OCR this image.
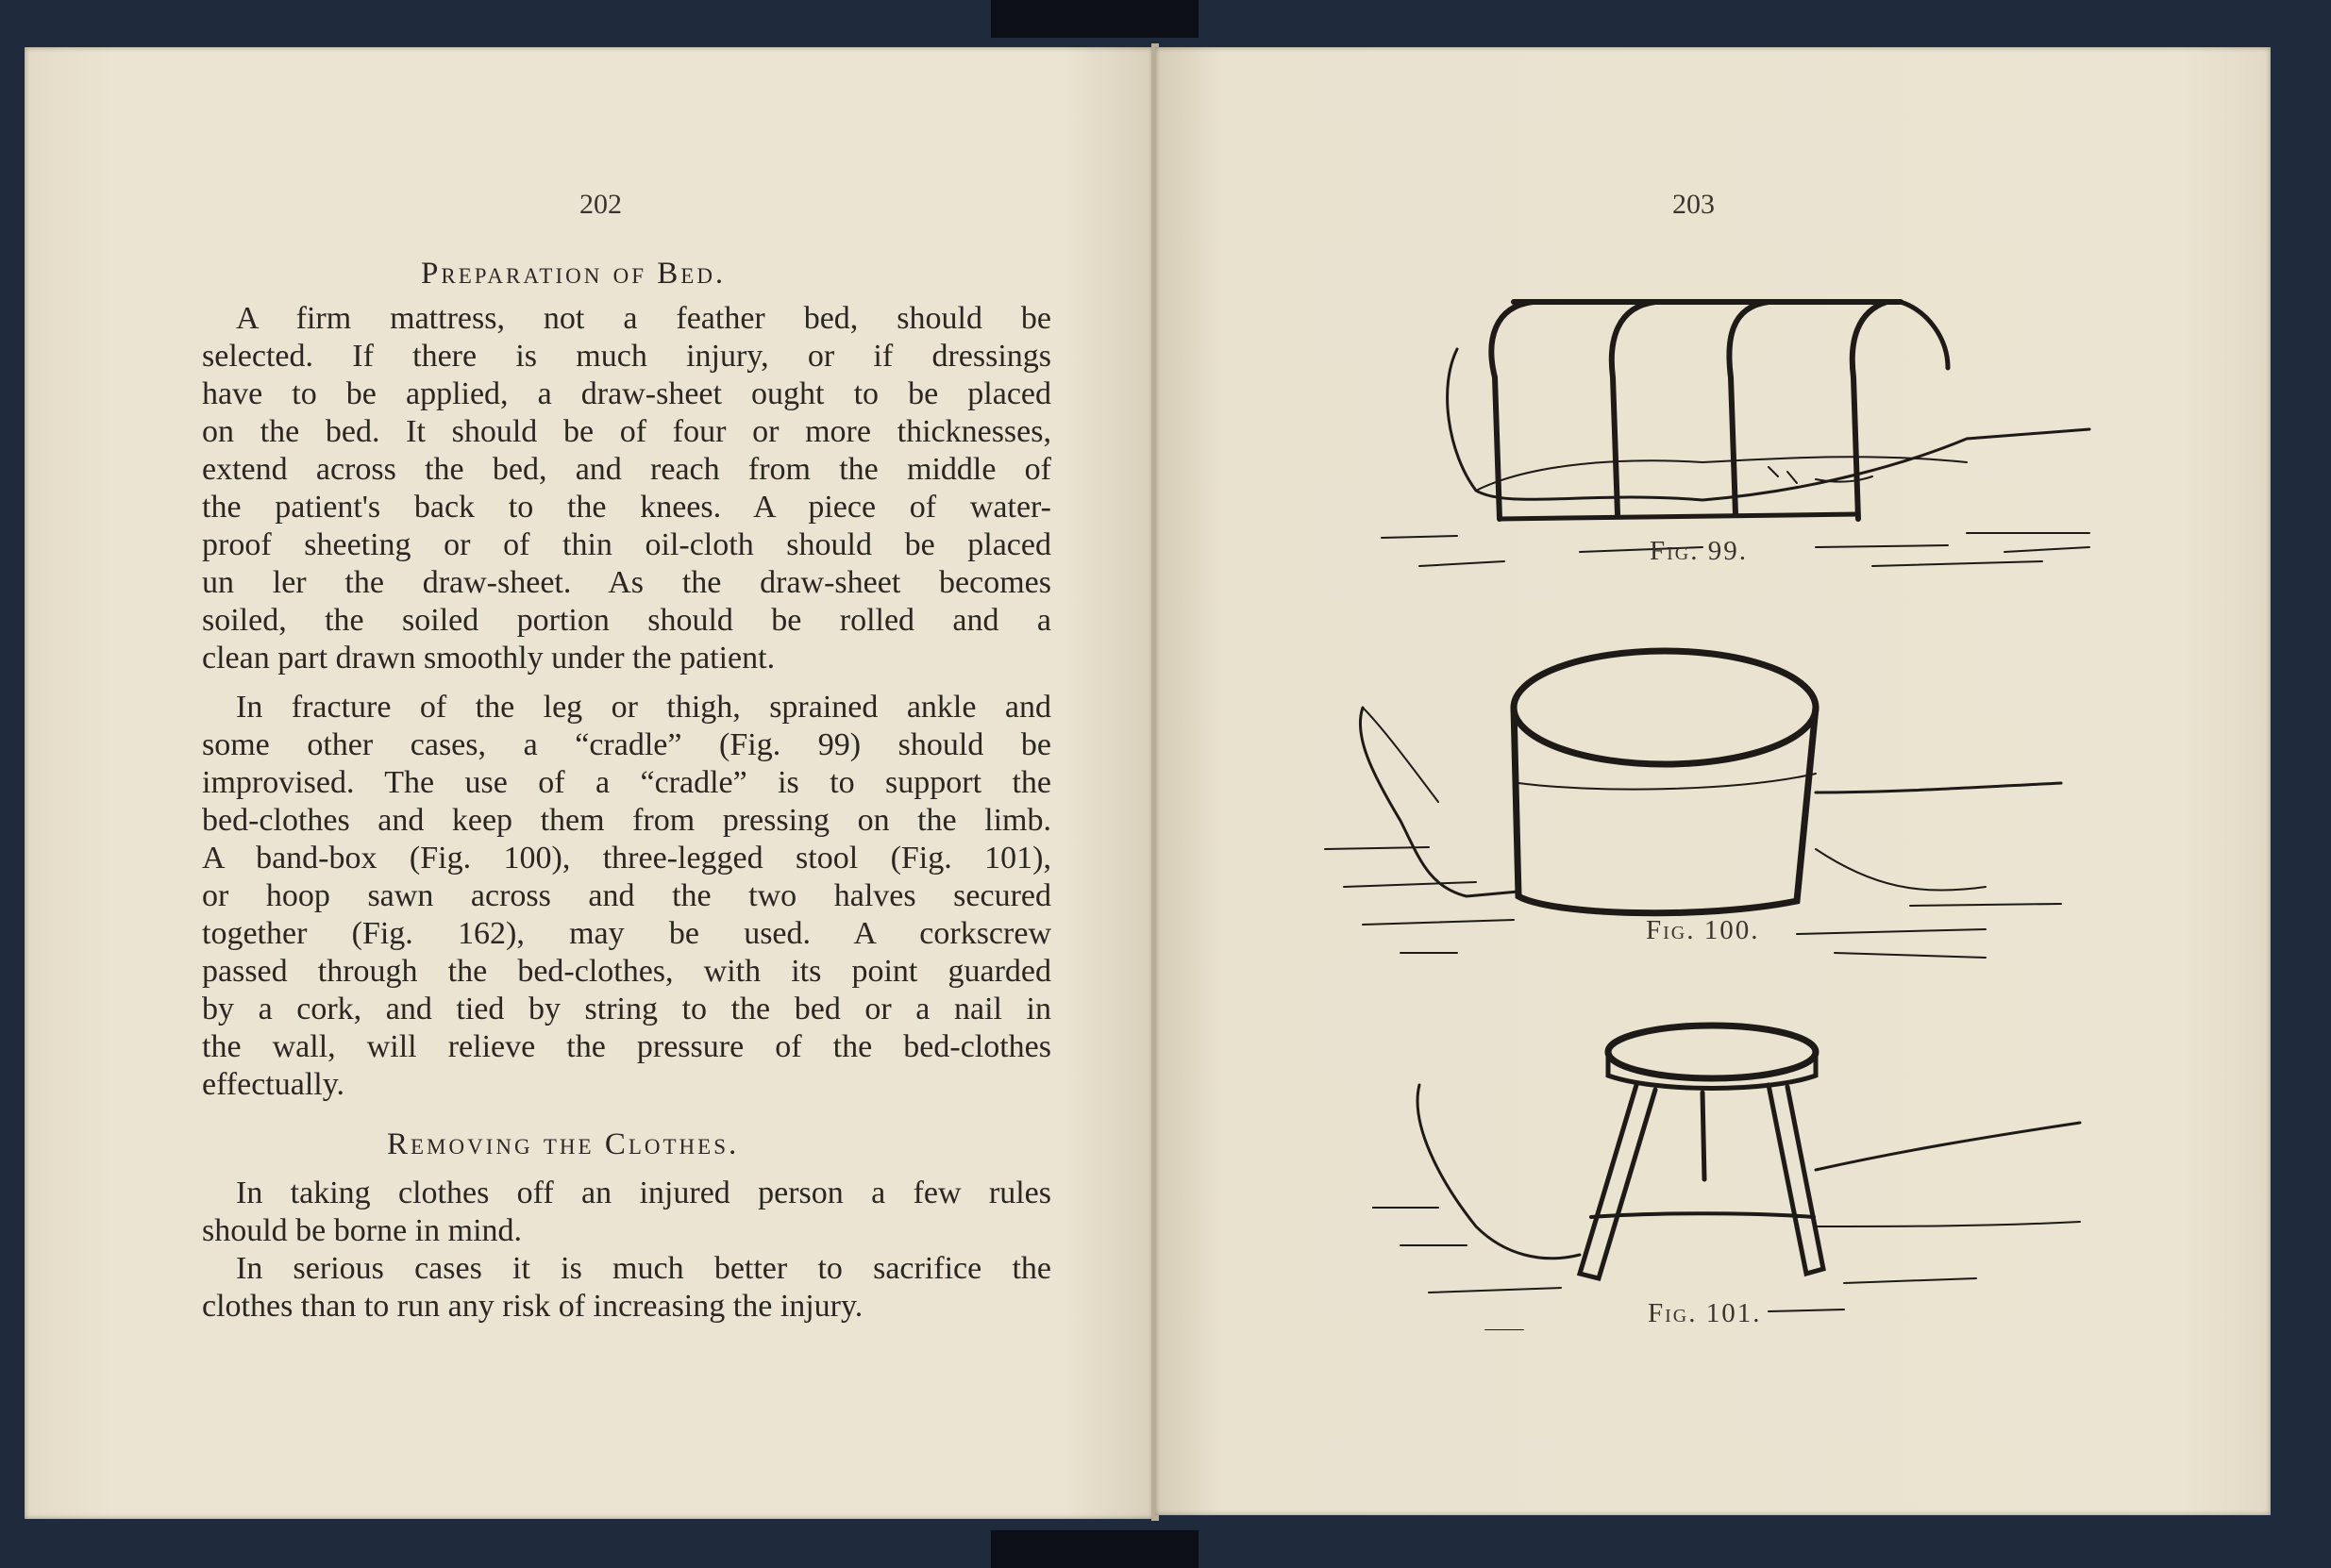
202
Preparation of Bed.
A firm mattress, not a feather bed, should be
selected. If there is much injury, or if dressings
have to be applied, a draw-sheet ought to be placed
on the bed. It should be of four or more thicknesses,
extend across the bed, and reach from the middle of
the patient's back to the knees. A piece of water-
proof sheeting or of thin oil-cloth should be placed
un ler the draw-sheet. As the draw-sheet becomes
soiled, the soiled portion should be rolled and a
clean part drawn smoothly under the patient.
In fracture of the leg or thigh, sprained ankle and
some other cases, a “cradle” (Fig. 99) should be
improvised. The use of a “cradle” is to support the
bed-clothes and keep them from pressing on the limb.
A band-box (Fig. 100), three-legged stool (Fig. 101),
or hoop sawn across and the two halves secured
together (Fig. 162), may be used. A corkscrew
passed through the bed-clothes, with its point guarded
by a cork, and tied by string to the bed or a nail in
the wall, will relieve the pressure of the bed-clothes
effectually.
Removing the Clothes.
In taking clothes off an injured person a few rules
should be borne in mind.
In serious cases it is much better to sacrifice the
clothes than to run any risk of increasing the injury.
203
Fig. 99.
Fig. 100.
Fig. 101.
